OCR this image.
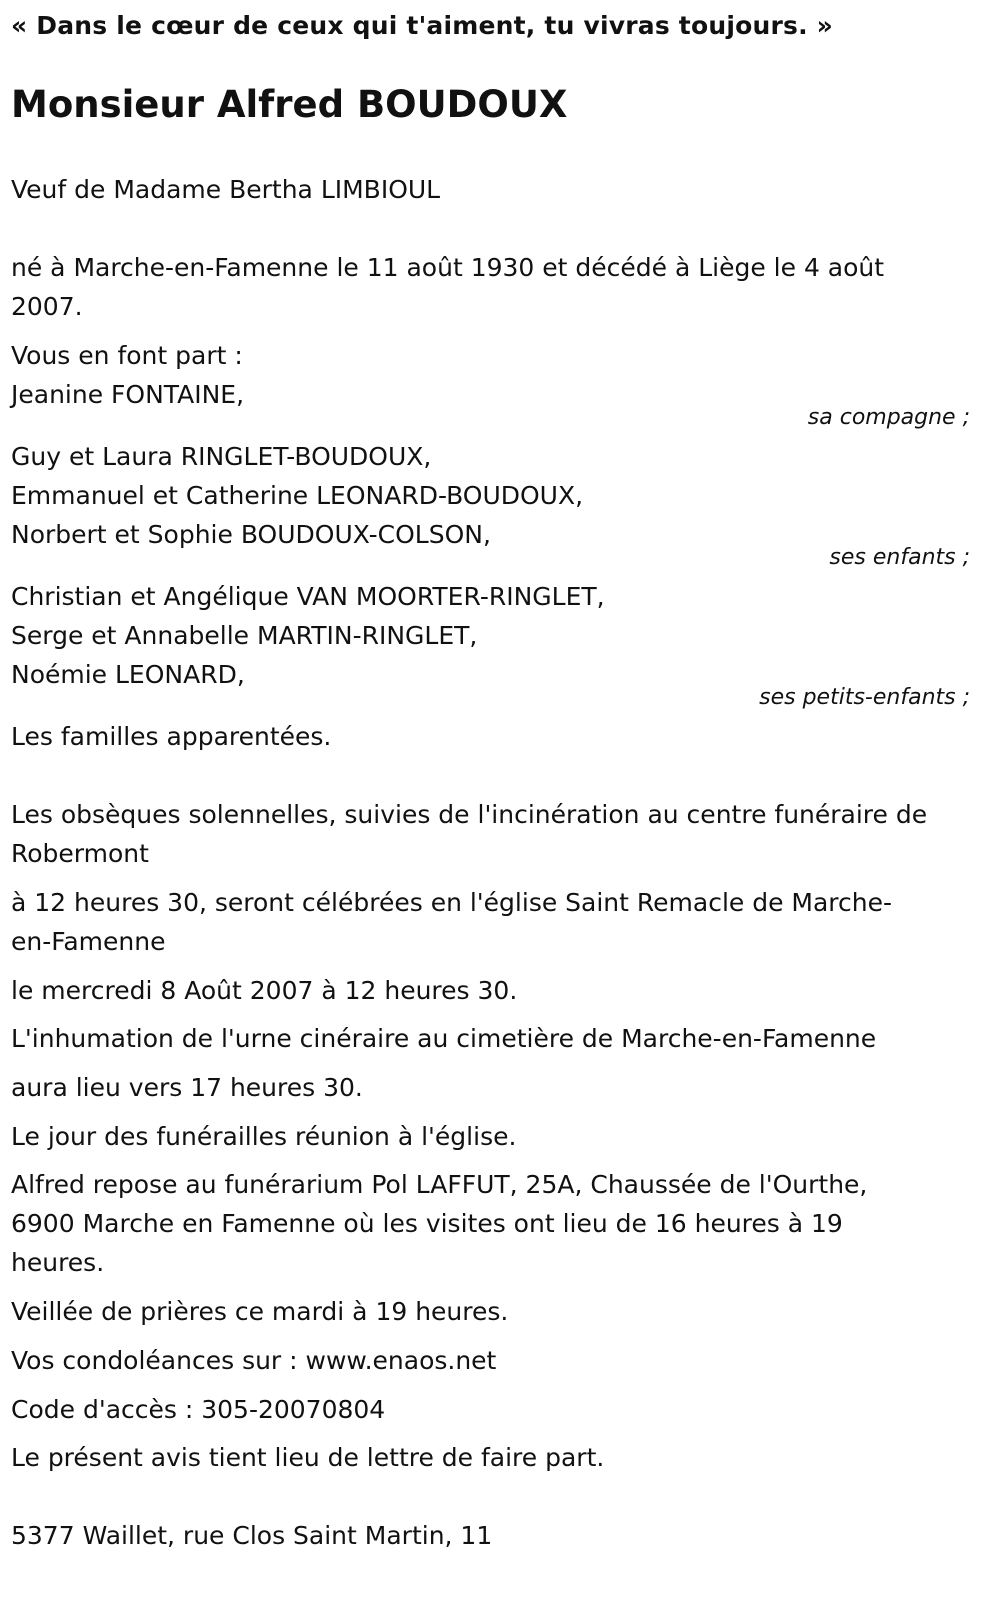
« Dans le cœur de ceux qui t'aiment, tu vivras toujours. »
Monsieur Alfred BOUDOUX
Veuf de Madame Bertha LIMBIOUL
né à Marche-en-Famenne le 11 août 1930 et décédé à Liège le 4 août
2007.
Vous en font part :
Jeanine FONTAINE,
sa compagne ;
Guy et Laura RINGLET-BOUDOUX,
Emmanuel et Catherine LEONARD-BOUDOUX,
Norbert et Sophie BOUDOUX-COLSON,
ses enfants ;
Christian et Angélique VAN MOORTER-RINGLET,
Serge et Annabelle MARTIN-RINGLET,
Noémie LEONARD,
ses petits-enfants ;
Les familles apparentées.
Les obsèques solennelles, suivies de l'incinération au centre funéraire de
Robermont
à 12 heures 30, seront célébrées en l'église Saint Remacle de Marche-
en-Famenne
le mercredi 8 Août 2007 à 12 heures 30.
L'inhumation de l'urne cinéraire au cimetière de Marche-en-Famenne
aura lieu vers 17 heures 30.
Le jour des funérailles réunion à l'église.
Alfred repose au funérarium Pol LAFFUT, 25A, Chaussée de l'Ourthe,
6900 Marche en Famenne où les visites ont lieu de 16 heures à 19
heures.
Veillée de prières ce mardi à 19 heures.
Vos condoléances sur : www.enaos.net
Code d'accès : 305-20070804
Le présent avis tient lieu de lettre de faire part.
5377 Waillet, rue Clos Saint Martin, 11
